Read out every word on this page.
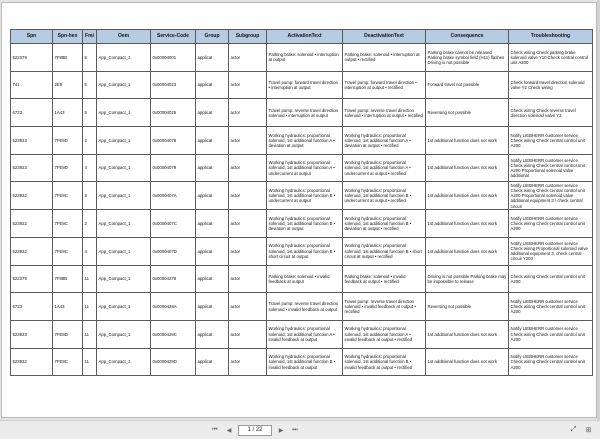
Spn	Spn-hex	Fmi	Oem	Service-Code	Group	Subgroup	ActivationText	DeactivationText	Consequence	Troubleshooting
522379	7F88B	5	App_Compact_1	0x00004001	applicat	actor	Parking brake: solenoid • interruption at output	Parking brake: solenoid • interruption at output • rectified	Parking brake cannot be released Parking brake symbol field (H11) flashes Driving is not possible	Check wiring Check parking brake solenoid valve Y10 Check central control unit A200
741	2E5	5	App_Compact_1	0x00004023	applicat	actor	Travel pump: forward travel direction • interruption at output	Travel pump: forward travel direction • interruption at output • rectified	Forward travel not possible	Check forward travel direction solenoid valve Y2 Check wiring
6723	1A43	5	App_Compact_1	0x00004025	applicat	actor	Travel pump: reverse travel direction solenoid • interruption at output	Travel pump: reverse travel direction solenoid • interruption at output • rectified	Reversing not possible	Check wiring Check reverse travel direction solenoid valve Y3
523933	7FE9D	2	App_Compact_1	0x00004078	applicat	actor	Working hydraulics: proportional solenoid, 1st additional function A • deviation at output	Working hydraulics: proportional solenoid, 1st additional function A • deviation at output • rectified	1st additional function does not work	Notify LIEBHERR customer service Check wiring Check central control unit A200
523933	7FE9D	4	App_Compact_1	0x00004079	applicat	actor	Working hydraulics: proportional solenoid, 1st additional function A • undercurrent at output	Working hydraulics: proportional solenoid, 1st additional function A • undercurrent at output • rectified	1st additional function does not work	Notify LIEBHERR customer service Check wiring Check central control unit A200 Proportional solenoid valve additional
523932	7FE9C	5	App_Compact_1	0x0000407A	applicat	actor	Working hydraulics: proportional solenoid, 1st additional function B • undercurrent at output	Working hydraulics: proportional solenoid, 1st additional function B • undercurrent at output • rectified	1st additional function does not work	Notify LIEBHERR customer service Check wiring Check central control unit A200 Proportional solenoid valve additional equipment 3 / check central circuit
523932	7FE9C	2	App_Compact_1	0x0000407C	applicat	actor	Working hydraulics: proportional solenoid, 1st additional function B • deviation at output	Working hydraulics: proportional solenoid, 1st additional function B • deviation at output • rectified	1st additional function does not work	Notify LIEBHERR customer service Check wiring Check central control unit A200
523932	7FE9C	4	App_Compact_1	0x0000407D	applicat	actor	Working hydraulics: proportional solenoid, 1st additional function B • short circuit at output	Working hydraulics: proportional solenoid, 1st additional function B • short circuit at output • rectified	1st additional function does not work	Notify LIEBHERR customer service Check wiring Proportional solenoid valve additional equipment 3, check central circuit Y203
522379	7F88B	11	App_Compact_1	0x00004278	applicat	actor	Parking brake: solenoid • invalid feedback at output	Parking brake: solenoid • invalid feedback at output • rectified	Driving is not possible Parking brake may be impossible to release	Check wiring Check central control unit A200
6723	1A43	11	App_Compact_1	0x0000428A	applicat	actor	Travel pump: reverse travel direction solenoid • invalid feedback at output	Travel pump: reverse travel direction solenoid • invalid feedback at output • rectified	Reversing not possible	Notify LIEBHERR customer service Check wiring Check central control unit A200
523933	7FE9D	11	App_Compact_1	0x0000429C	applicat	actor	Working hydraulics: proportional solenoid, 1st additional function A • invalid feedback at output	Working hydraulics: proportional solenoid, 1st additional function A • invalid feedback at output • rectified	1st additional function does not work	Notify LIEBHERR customer service Check wiring Check central control unit A200
523932	7FE9C	11	App_Compact_1	0x0000429D	applicat	actor	Working hydraulics: proportional solenoid, 1st additional function B • invalid feedback at output	Working hydraulics: proportional solenoid, 1st additional function B • invalid feedback at output • rectified	1st additional function does not work	Notify LIEBHERR customer service Check wiring Check central control unit A200
⏮	◀	1 / 22	▶	⏭	⤢	⊞
